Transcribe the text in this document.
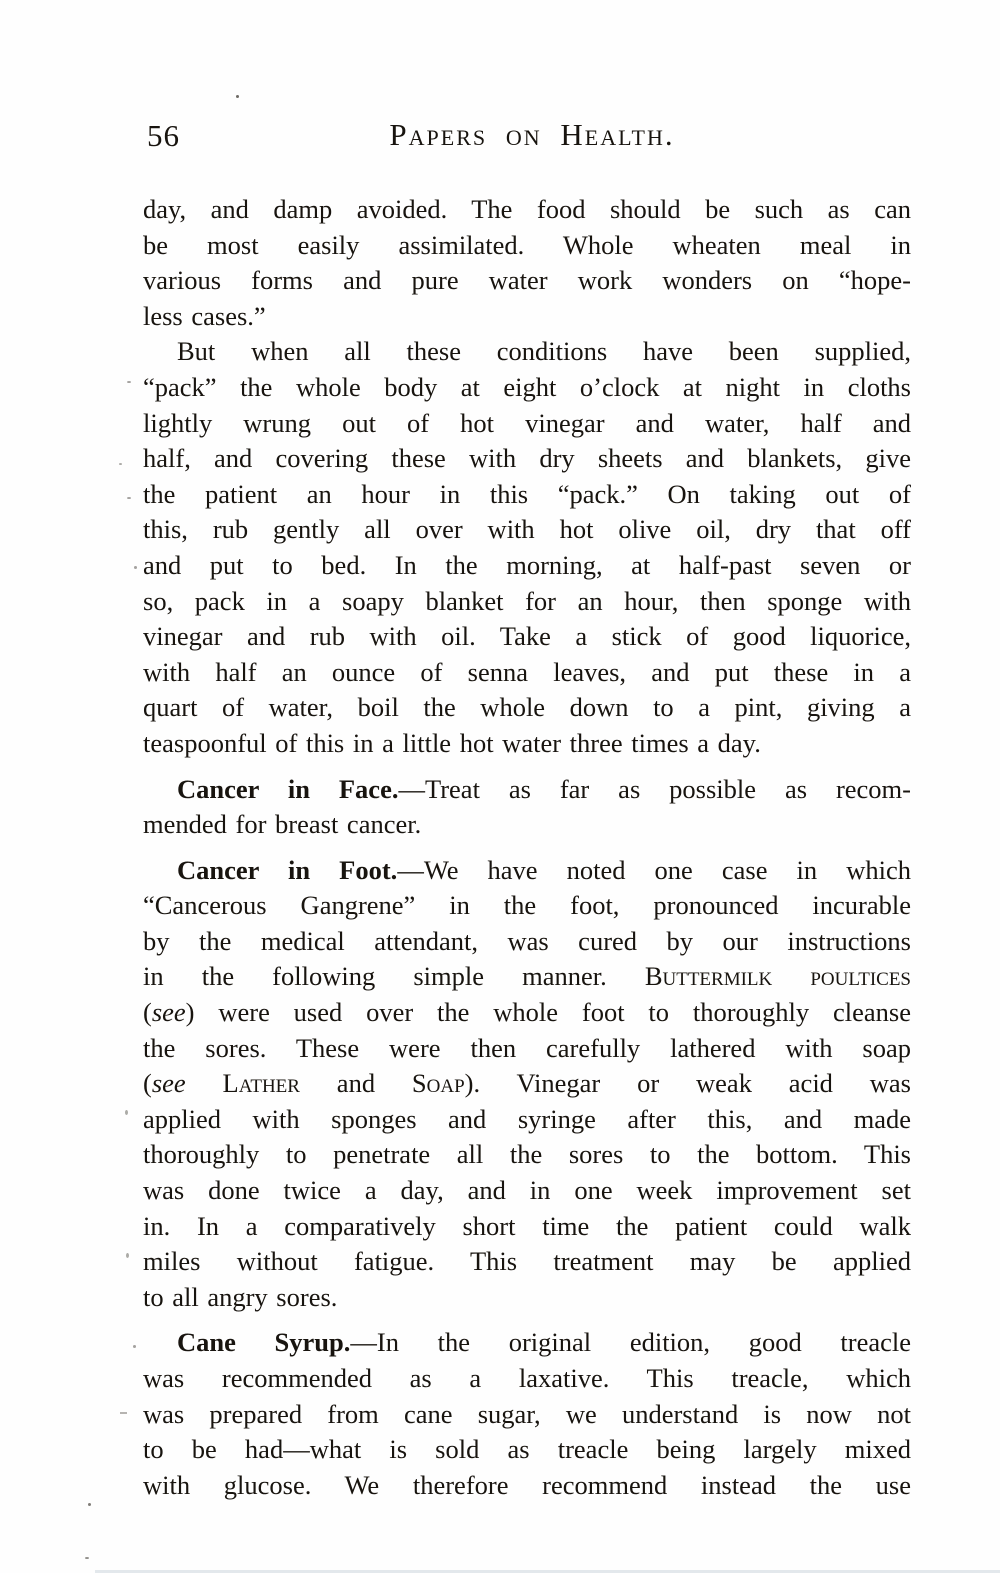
56	Papers on Health.
day, and damp avoided. The food should be such as can
be most easily assimilated. Whole wheaten meal in
various forms and pure water work wonders on “hope-
less cases.”
But when all these conditions have been supplied,
“pack” the whole body at eight o’clock at night in cloths
lightly wrung out of hot vinegar and water, half and
half, and covering these with dry sheets and blankets, give
the patient an hour in this “pack.” On taking out of
this, rub gently all over with hot olive oil, dry that off
and put to bed. In the morning, at half-past seven or
so, pack in a soapy blanket for an hour, then sponge with
vinegar and rub with oil. Take a stick of good liquorice,
with half an ounce of senna leaves, and put these in a
quart of water, boil the whole down to a pint, giving a
teaspoonful of this in a little hot water three times a day.
Cancer in Face.—Treat as far as possible as recom-
mended for breast cancer.
Cancer in Foot.—We have noted one case in which
“Cancerous Gangrene” in the foot, pronounced incurable
by the medical attendant, was cured by our instructions
in the following simple manner. Buttermilk poultices
(see) were used over the whole foot to thoroughly cleanse
the sores. These were then carefully lathered with soap
(see Lather and Soap). Vinegar or weak acid was
applied with sponges and syringe after this, and made
thoroughly to penetrate all the sores to the bottom. This
was done twice a day, and in one week improvement set
in. In a comparatively short time the patient could walk
miles without fatigue. This treatment may be applied
to all angry sores.
Cane Syrup.—In the original edition, good treacle
was recommended as a laxative. This treacle, which
was prepared from cane sugar, we understand is now not
to be had—what is sold as treacle being largely mixed
with glucose. We therefore recommend instead the use
